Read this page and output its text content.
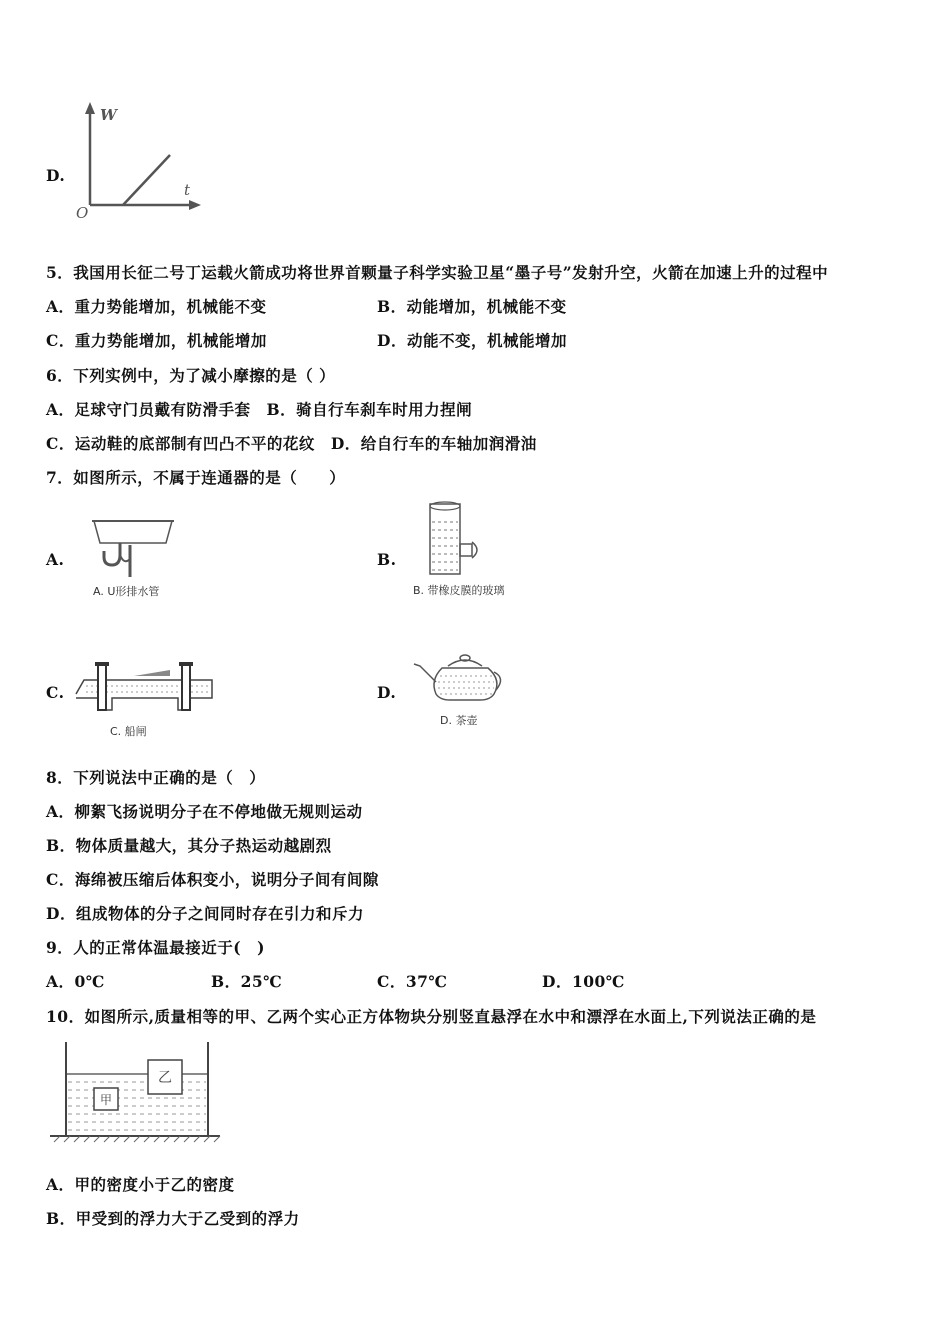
D.
W
t
O
5．我国用长征二号丁运载火箭成功将世界首颗量子科学实验卫星“墨子号”发射升空，火箭在加速上升的过程中
A．重力势能增加，机械能不变	B．动能增加，机械能不变
C．重力势能增加，机械能增加	D．动能不变，机械能增加
6．下列实例中，为了减小摩擦的是（ ）
A．足球守门员戴有防滑手套　B．骑自行车刹车时用力捏闸
C．运动鞋的底部制有凹凸不平的花纹　D．给自行车的车轴加润滑油
7．如图所示，不属于连通器的是（　　）
A.
A. U形排水管
B.
B. 带橡皮膜的玻璃
C.
C. 船闸
D.
D. 茶壶
8．下列说法中正确的是（　）
A．柳絮飞扬说明分子在不停地做无规则运动
B．物体质量越大，其分子热运动越剧烈
C．海绵被压缩后体积变小，说明分子间有间隙
D．组成物体的分子之间同时存在引力和斥力
9．人的正常体温最接近于(　)
A．0℃	B．25℃	C．37℃	D．100℃
10．如图所示,质量相等的甲、乙两个实心正方体物块分别竖直悬浮在水中和漂浮在水面上,下列说法正确的是
甲
乙
A．甲的密度小于乙的密度
B．甲受到的浮力大于乙受到的浮力
